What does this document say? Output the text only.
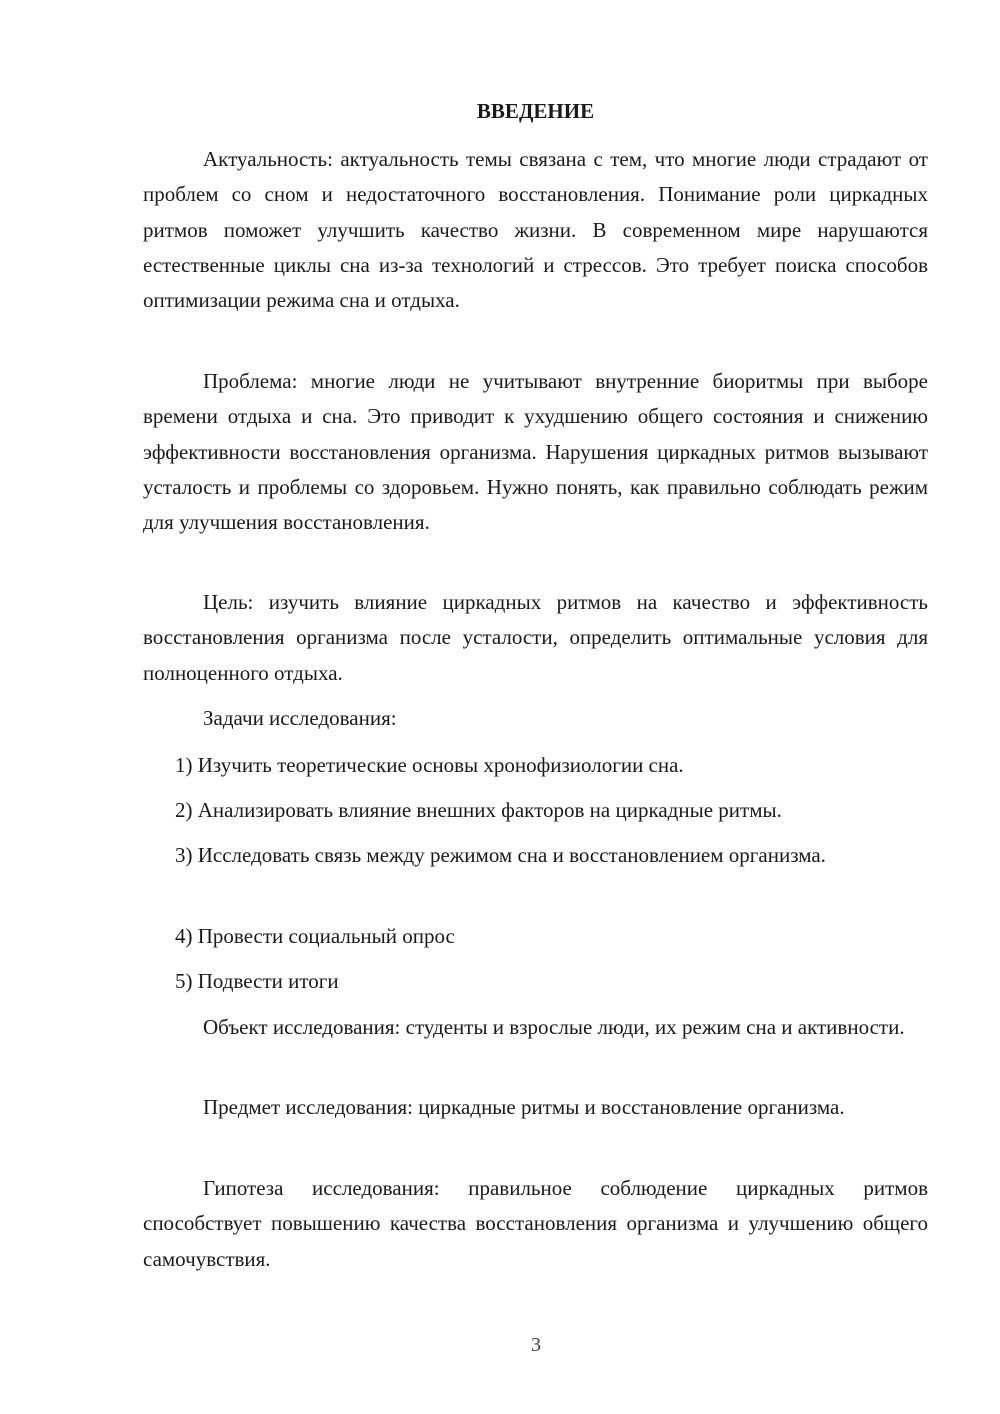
ВВЕДЕНИЕ

Актуальность: актуальность темы связана с тем, что многие люди страдают от проблем со сном и недостаточного восстановления. Понимание роли циркадных ритмов поможет улучшить качество жизни. В современном мире нарушаются естественные циклы сна из-за технологий и стрессов. Это требует поиска способов оптимизации режима сна и отдыха.

Проблема: многие люди не учитывают внутренние биоритмы при выборе времени отдыха и сна. Это приводит к ухудшению общего состояния и снижению эффективности восстановления организма. Нарушения циркадных ритмов вызывают усталость и проблемы со здоровьем. Нужно понять, как правильно соблюдать режим для улучшения восстановления.

Цель: изучить влияние циркадных ритмов на качество и эффективность восстановления организма после усталости, определить оптимальные условия для полноценного отдыха.

Задачи исследования:

1) Изучить теоретические основы хронофизиологии сна.

2) Анализировать влияние внешних факторов на циркадные ритмы.

3) Исследовать связь между режимом сна и восстановлением организма.

4) Провести социальный опрос

5) Подвести итоги

Объект исследования: студенты и взрослые люди, их режим сна и активности.

Предмет исследования: циркадные ритмы и восстановление организма.

Гипотеза исследования: правильное соблюдение циркадных ритмов способствует повышению качества восстановления организма и улучшению общего самочувствия.

3
